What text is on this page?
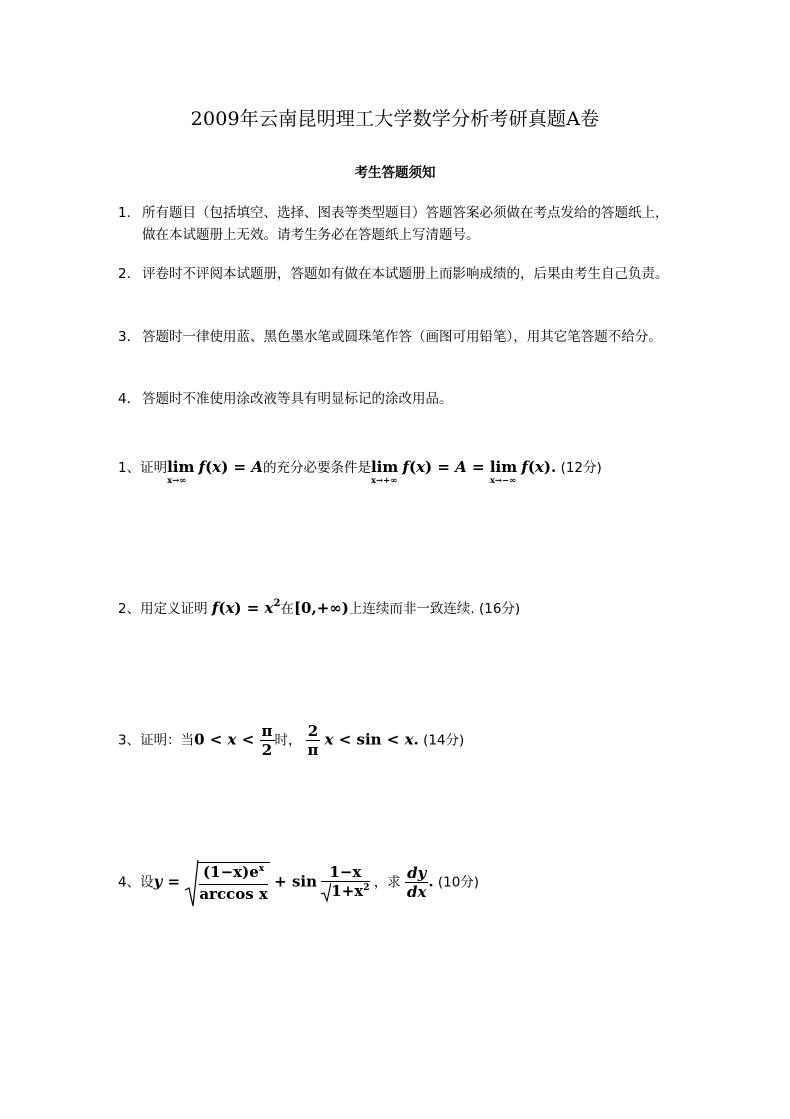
2009年云南昆明理工大学数学分析考研真题A卷
考生答题须知
1． 所有题目（包括填空、选择、图表等类型题目）答题答案必须做在考点发给的答题纸上，做在本试题册上无效。请考生务必在答题纸上写清题号。
2． 评卷时不评阅本试题册，答题如有做在本试题册上而影响成绩的，后果由考生自己负责。
3． 答题时一律使用蓝、黑色墨水笔或圆珠笔作答（画图可用铅笔），用其它笔答题不给分。
4． 答题时不准使用涂改液等具有明显标记的涂改用品。
1、证明lim
x→∞
f(x) = A的充分必要条件是lim
x→+∞
f(x) = A = lim
x→−∞
f(x). (12分)
2、用定义证明 $f(x) = x^2$在[0,+∞)上连续而非一致连续. (16分)
3、证明：当$0 < x < \frac{\pi}{2}$ 时， $\frac{2}{\pi}$ x < sin < x. (14分)
4、设$y = \frac{(1-x)e^x}{\text{arccos x}} + \sin \frac{1-x}{1+x^2}$ ，求 $\frac{dy}{dx}$ . (10分)
